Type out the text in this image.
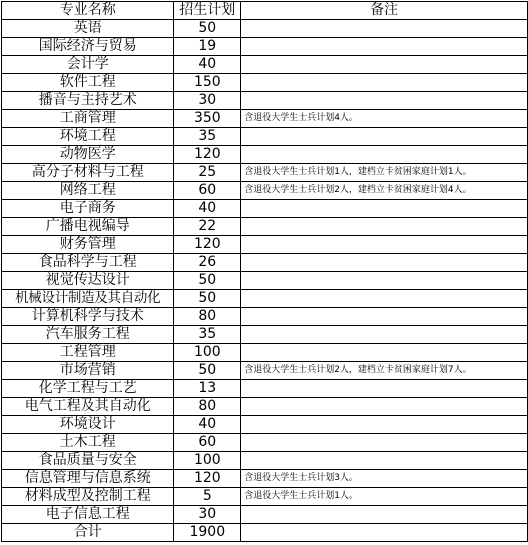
专业名称	招生计划	备注
英语	50	
国际经济与贸易	19	
会计学	40	
软件工程	150	
播音与主持艺术	30	
工商管理	350	含退役大学生士兵计划4人。
环境工程	35	
动物医学	120	
高分子材料与工程	25	含退役大学生士兵计划1人，建档立卡贫困家庭计划1人。
网络工程	60	含退役大学生士兵计划2人，建档立卡贫困家庭计划4人。
电子商务	40	
广播电视编导	22	
财务管理	120	
食品科学与工程	26	
视觉传达设计	50	
机械设计制造及其自动化	50	
计算机科学与技术	80	
汽车服务工程	35	
工程管理	100	
市场营销	50	含退役大学生士兵计划2人，建档立卡贫困家庭计划7人。
化学工程与工艺	13	
电气工程及其自动化	80	
环境设计	40	
土木工程	60	
食品质量与安全	100	
信息管理与信息系统	120	含退役大学生士兵计划3人。
材料成型及控制工程	5	含退役大学生士兵计划1人。
电子信息工程	30	
合计	1900	
